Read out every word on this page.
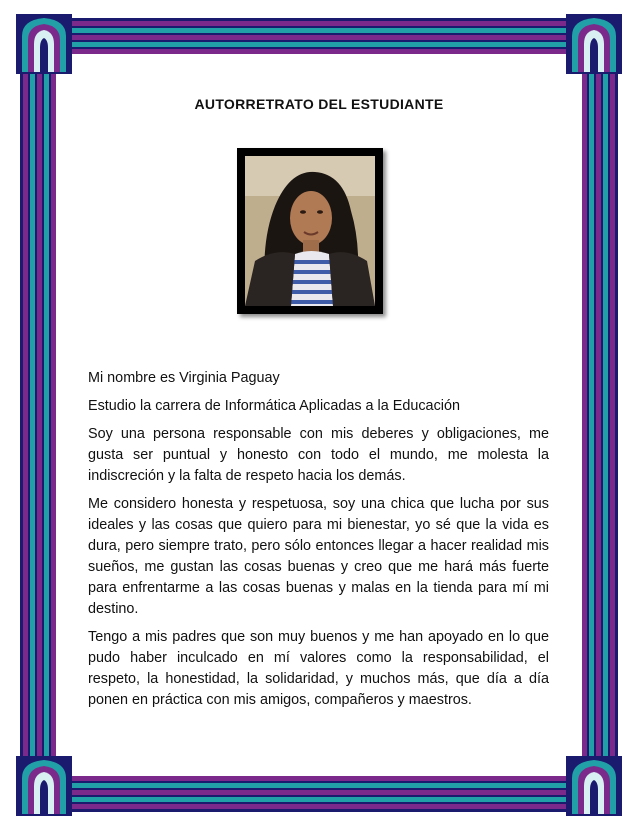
AUTORRETRATO DEL ESTUDIANTE

Mi nombre es Virginia Paguay

Estudio la carrera de Informática Aplicadas a la Educación

Soy una persona responsable con mis deberes y obligaciones, me gusta ser puntual y honesto con todo el mundo, me molesta la indiscreción y la falta de respeto hacia los demás.

Me considero honesta y respetuosa, soy una chica que lucha por sus ideales y las cosas que quiero para mi bienestar, yo sé que la vida es dura, pero siempre trato, pero sólo entonces llegar a hacer realidad mis sueños, me gustan las cosas buenas y creo que me hará más fuerte para enfrentarme a las cosas buenas y malas en la tienda para mí mi destino.

Tengo a mis padres que son muy buenos y me han apoyado en lo que pudo haber inculcado en mí valores como la responsabilidad, el respeto, la honestidad, la solidaridad, y muchos más, que día a día ponen en práctica con mis amigos, compañeros y maestros.
